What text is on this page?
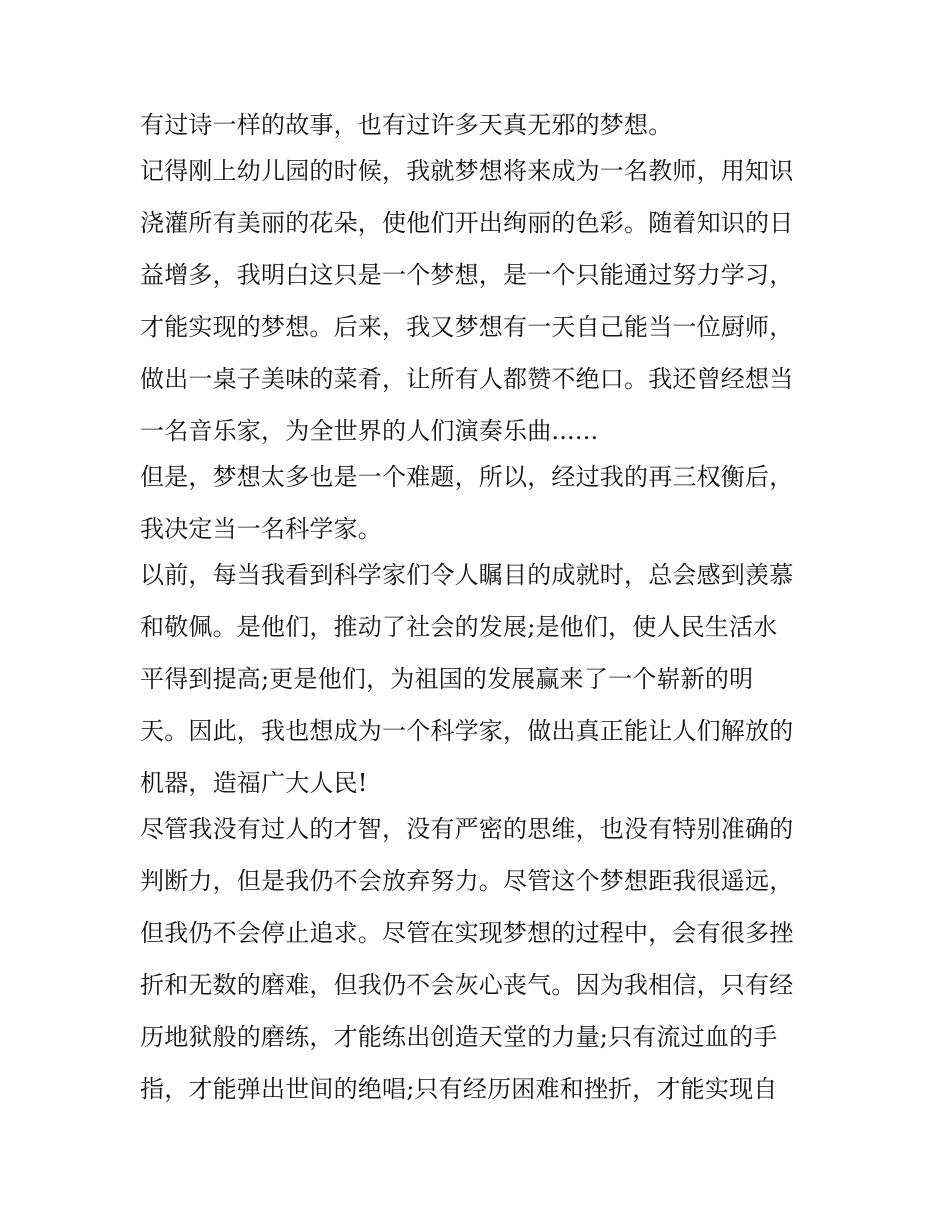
有过诗一样的故事，也有过许多天真无邪的梦想。

记得刚上幼儿园的时候，我就梦想将来成为一名教师，用知识

浇灌所有美丽的花朵，使他们开出绚丽的色彩。随着知识的日

益增多，我明白这只是一个梦想，是一个只能通过努力学习，

才能实现的梦想。后来，我又梦想有一天自己能当一位厨师，

做出一桌子美味的菜肴，让所有人都赞不绝口。我还曾经想当

一名音乐家，为全世界的人们演奏乐曲......

但是，梦想太多也是一个难题，所以，经过我的再三权衡后，

我决定当一名科学家。

以前，每当我看到科学家们令人瞩目的成就时，总会感到羡慕

和敬佩。是他们，推动了社会的发展;是他们，使人民生活水

平得到提高;更是他们，为祖国的发展赢来了一个崭新的明

天。因此，我也想成为一个科学家，做出真正能让人们解放的

机器，造福广大人民!

尽管我没有过人的才智，没有严密的思维，也没有特别准确的

判断力，但是我仍不会放弃努力。尽管这个梦想距我很遥远，

但我仍不会停止追求。尽管在实现梦想的过程中，会有很多挫

折和无数的磨难，但我仍不会灰心丧气。因为我相信，只有经

历地狱般的磨练，才能练出创造天堂的力量;只有流过血的手

指，才能弹出世间的绝唱;只有经历困难和挫折，才能实现自
